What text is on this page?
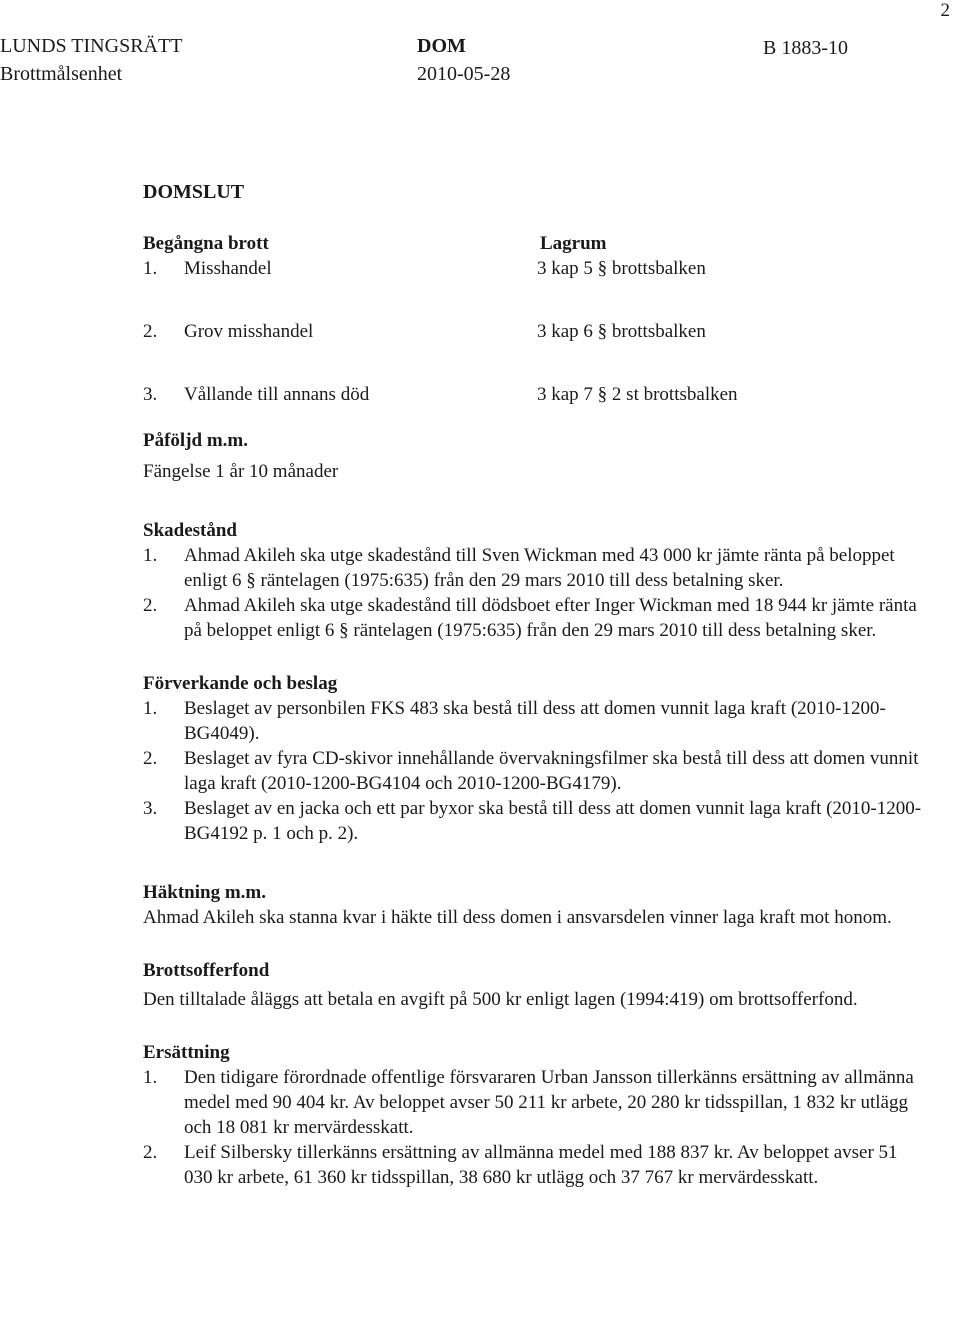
2
LUNDS TINGSRÄTT
Brottmålsenhet
DOM
2010-05-28
B 1883-10

DOMSLUT

Begångna brott	Lagrum

1.	Misshandel	3 kap 5 § brottsbalken
2.	Grov misshandel	3 kap 6 § brottsbalken
3.	Vållande till annans död	3 kap 7 § 2 st brottsbalken

Påföljd m.m.

Fängelse 1 år 10 månader

Skadestånd

1.	Ahmad Akileh ska utge skadestånd till Sven Wickman med 43 000 kr jämte ränta på beloppet enligt 6 § räntelagen (1975:635) från den 29 mars 2010 till dess betalning sker.
2.	Ahmad Akileh ska utge skadestånd till dödsboet efter Inger Wickman med 18 944 kr jämte ränta på beloppet enligt 6 § räntelagen (1975:635) från den 29 mars 2010 till dess betalning sker.

Förverkande och beslag

1.	Beslaget av personbilen FKS 483 ska bestå till dess att domen vunnit laga kraft (2010-1200-BG4049).
2.	Beslaget av fyra CD-skivor innehållande övervakningsfilmer ska bestå till dess att domen vunnit laga kraft (2010-1200-BG4104 och 2010-1200-BG4179).
3.	Beslaget av en jacka och ett par byxor ska bestå till dess att domen vunnit laga kraft (2010-1200-BG4192 p. 1 och p. 2).

Häktning m.m.

Ahmad Akileh ska stanna kvar i häkte till dess domen i ansvarsdelen vinner laga kraft mot honom.

Brottsofferfond

Den tilltalade åläggs att betala en avgift på 500 kr enligt lagen (1994:419) om brottsofferfond.

Ersättning

1.	Den tidigare förordnade offentlige försvararen Urban Jansson tillerkänns ersättning av allmänna medel med 90 404 kr. Av beloppet avser 50 211 kr arbete, 20 280 kr tidsspillan, 1 832 kr utlägg och 18 081 kr mervärdesskatt.
2.	Leif Silbersky tillerkänns ersättning av allmänna medel med 188 837 kr. Av beloppet avser 51 030 kr arbete, 61 360 kr tidsspillan, 38 680 kr utlägg och 37 767 kr mervärdesskatt.
